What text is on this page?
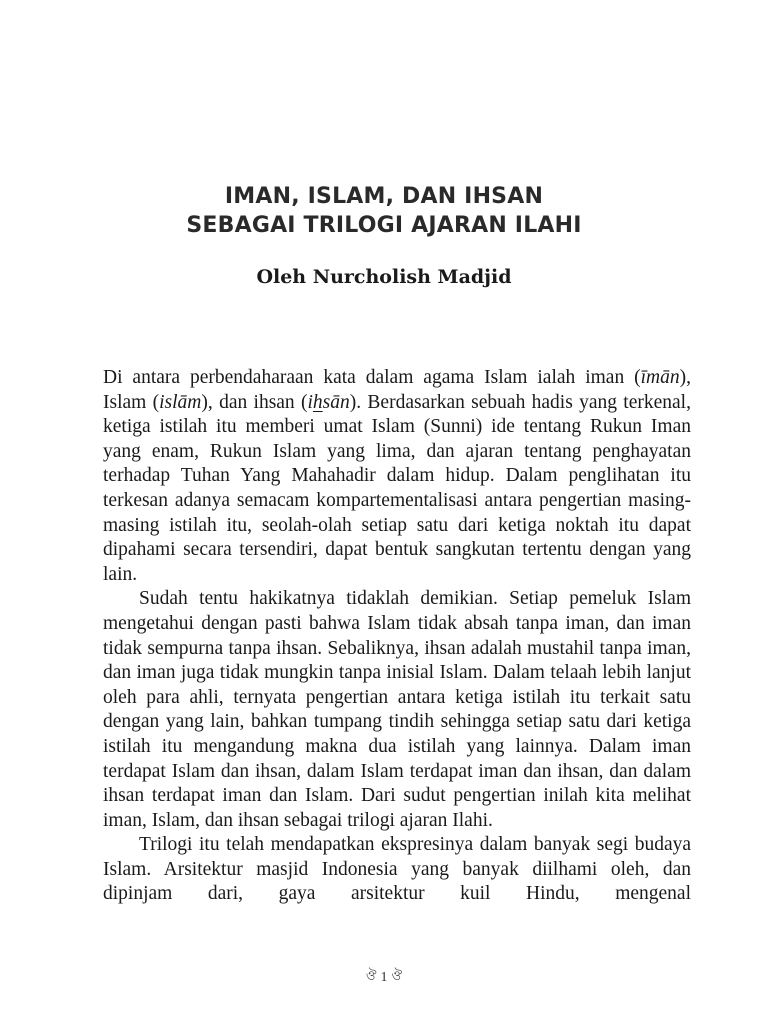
IMAN, ISLAM, DAN IHSAN
SEBAGAI TRILOGI AJARAN ILAHI
Oleh Nurcholish Madjid

Di antara perbendaharaan kata dalam agama Islam ialah iman (īmān), Islam (islām), dan ihsan (ihsān). Berdasarkan sebuah hadis yang terkenal, ketiga istilah itu memberi umat Islam (Sunni) ide tentang Rukun Iman yang enam, Rukun Islam yang lima, dan ajaran tentang penghayatan terhadap Tuhan Yang Mahahadir dalam hidup. Dalam penglihatan itu terkesan adanya semacam kompartementalisasi antara pengertian masing-masing istilah itu, seolah-olah setiap satu dari ketiga noktah itu dapat dipahami secara tersendiri, dapat bentuk sangkutan tertentu dengan yang lain.

Sudah tentu hakikatnya tidaklah demikian. Setiap pemeluk Islam mengetahui dengan pasti bahwa Islam tidak absah tanpa iman, dan iman tidak sempurna tanpa ihsan. Sebaliknya, ihsan adalah mustahil tanpa iman, dan iman juga tidak mungkin tanpa inisial Islam. Dalam telaah lebih lanjut oleh para ahli, ternyata pengertian antara ketiga istilah itu terkait satu dengan yang lain, bahkan tumpang tindih sehingga setiap satu dari ketiga istilah itu mengandung makna dua istilah yang lainnya. Dalam iman terdapat Islam dan ihsan, dalam Islam terdapat iman dan ihsan, dan dalam ihsan terdapat iman dan Islam. Dari sudut pengertian inilah kita melihat iman, Islam, dan ihsan sebagai trilogi ajaran Ilahi.

Trilogi itu telah mendapatkan ekspresinya dalam banyak segi budaya Islam. Arsitektur masjid Indonesia yang banyak diilhami oleh, dan dipinjam dari, gaya arsitektur kuil Hindu, mengenal

ঔ 1 ঔ
